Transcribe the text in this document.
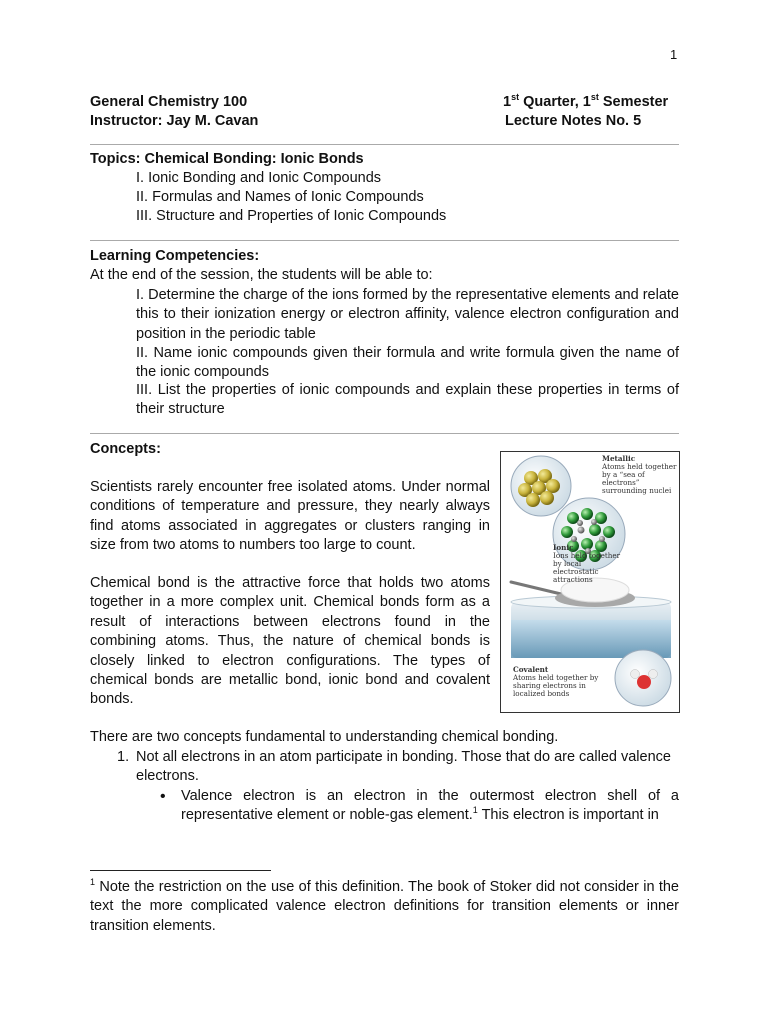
1
General Chemistry 100
Instructor: Jay M. Cavan
1st Quarter, 1st Semester
Lecture Notes No. 5
Topics: Chemical Bonding: Ionic Bonds
I. Ionic Bonding and Ionic Compounds
II. Formulas and Names of Ionic Compounds
III. Structure and Properties of Ionic Compounds
Learning Competencies:
At the end of the session, the students will be able to:
I. Determine the charge of the ions formed by the representative elements and relate this to their ionization energy or electron affinity, valence electron configuration and position in the periodic table
II. Name ionic compounds given their formula and write formula given the name of the ionic compounds
III. List the properties of ionic compounds and explain these properties in terms of their structure
Concepts:
Scientists rarely encounter free isolated atoms. Under normal conditions of temperature and pressure, they nearly always find atoms associated in aggregates or clusters ranging in size from two atoms to numbers too large to count.
Chemical bond is the attractive force that holds two atoms together in a more complex unit. Chemical bonds form as a result of interactions between electrons found in the combining atoms. Thus, the nature of chemical bonds is closely linked to electron configurations. The types of chemical bonds are metallic bond, ionic bond and covalent bonds.
Metallic
Atoms held together by a “sea of electrons” surrounding nuclei
Ionic
Ions held together by local electrostatic attractions
Covalent
Atoms held together by sharing electrons in localized bonds
There are two concepts fundamental to understanding chemical bonding.
1. Not all electrons in an atom participate in bonding. Those that do are called valence electrons.
• Valence electron is an electron in the outermost electron shell of a representative element or noble-gas element.$^1$ This electron is important in
$^1$ Note the restriction on the use of this definition. The book of Stoker did not consider in the text the more complicated valence electron definitions for transition elements or inner transition elements.
